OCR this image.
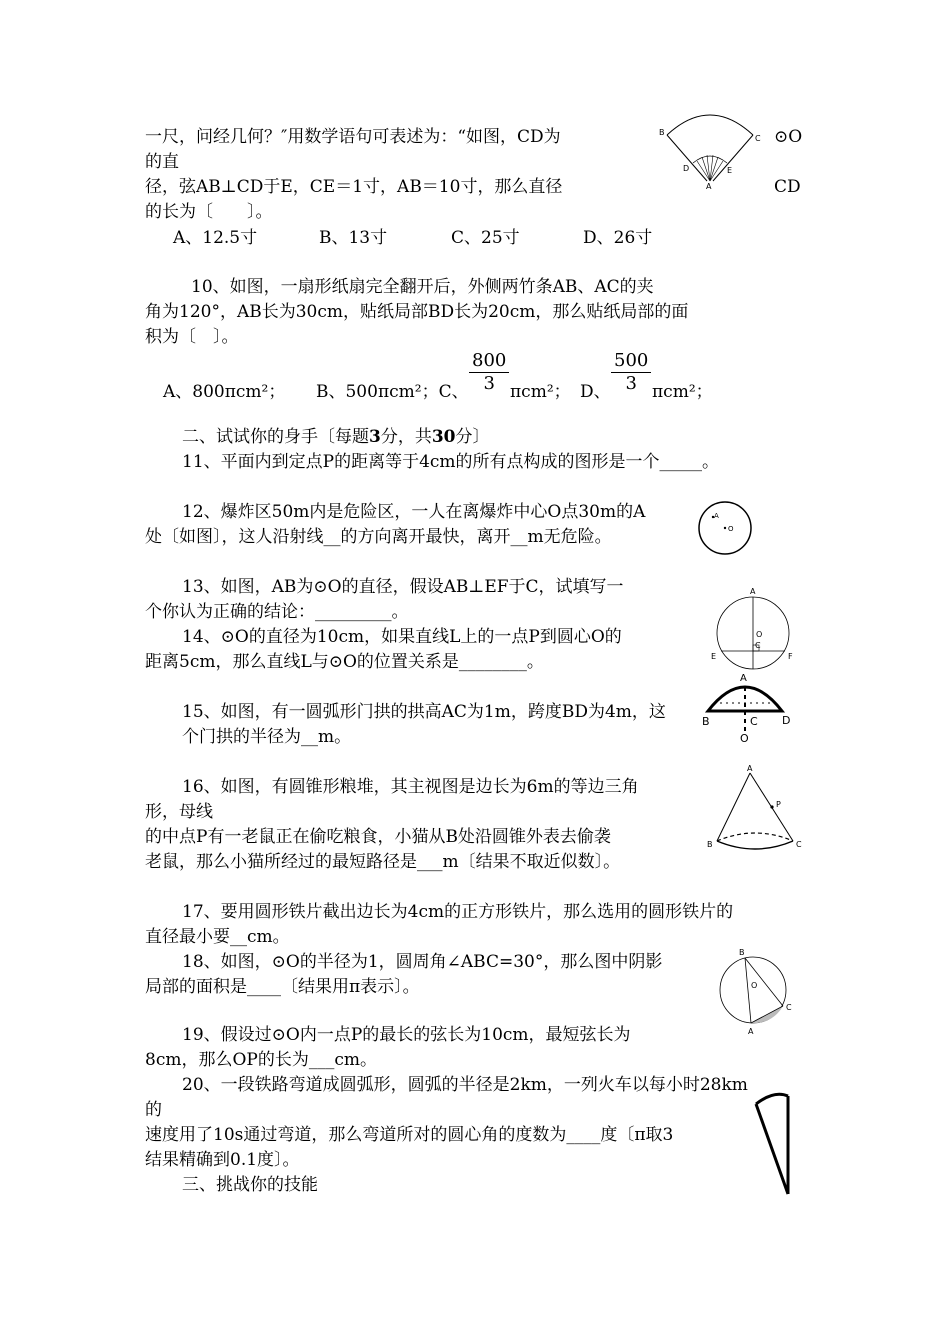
一尺，问经几何？″用数学语句可表述为：“如图，CD为	⊙O
的直
径，弦AB⊥CD于E，CE＝1寸，AB＝10寸，那么直径	CD
的长为〔　　〕。
A、12.5寸	B、13寸	C、25寸	D、26寸
B
C
D	E
A
10、如图，一扇形纸扇完全翻开后，外侧两竹条AB、AC的夹
角为120°，AB长为30cm，贴纸局部BD长为20cm，那么贴纸局部的面
积为〔　〕。
A、800πcm²； B、500πcm²；C、 $\frac{800}{3} \pi cm^2$； D、 $\frac{500}{3} \pi cm^2$；
二、试试你的身手〔每题3分，共30分〕
11、平面内到定点P的距离等于4cm的所有点构成的图形是一个_____。
12、爆炸区50m内是危险区，一人在离爆炸中心O点30m的A
处〔如图〕，这人沿射线__的方向离开最快，离开__m无危险。
A
O
13、如图，AB为⊙O的直径，假设AB⊥EF于C，试填写一
个你认为正确的结论：_________。
14、⊙O的直径为10cm，如果直线L上的一点P到圆心O的
距离5cm，那么直线L与⊙O的位置关系是________。
A
O
C
E	F
15、如图，有一圆弧形门拱的拱高AC为1m，跨度BD为4m，这
个门拱的半径为__m。
A
B	C D
O
16、如图，有圆锥形粮堆，其主视图是边长为6m的等边三角
形，母线
的中点P有一老鼠正在偷吃粮食，小猫从B处沿圆锥外表去偷袭
老鼠，那么小猫所经过的最短路径是___m〔结果不取近似数〕。
A
P
B	C
17、要用圆形铁片截出边长为4cm的正方形铁片，那么选用的圆形铁片的
直径最小要__cm。
18、如图，⊙O的半径为1，圆周角∠ABC=30°，那么图中阴影
局部的面积是____〔结果用π表示〕。
B
O
C
A
19、假设过⊙O内一点P的最长的弦长为10cm，最短弦长为
8cm，那么OP的长为___cm。
20、一段铁路弯道成圆弧形，圆弧的半径是2km，一列火车以每小时28km
的
速度用了10s通过弯道，那么弯道所对的圆心角的度数为____度〔π取3
结果精确到0.1度〕。
三、挑战你的技能
